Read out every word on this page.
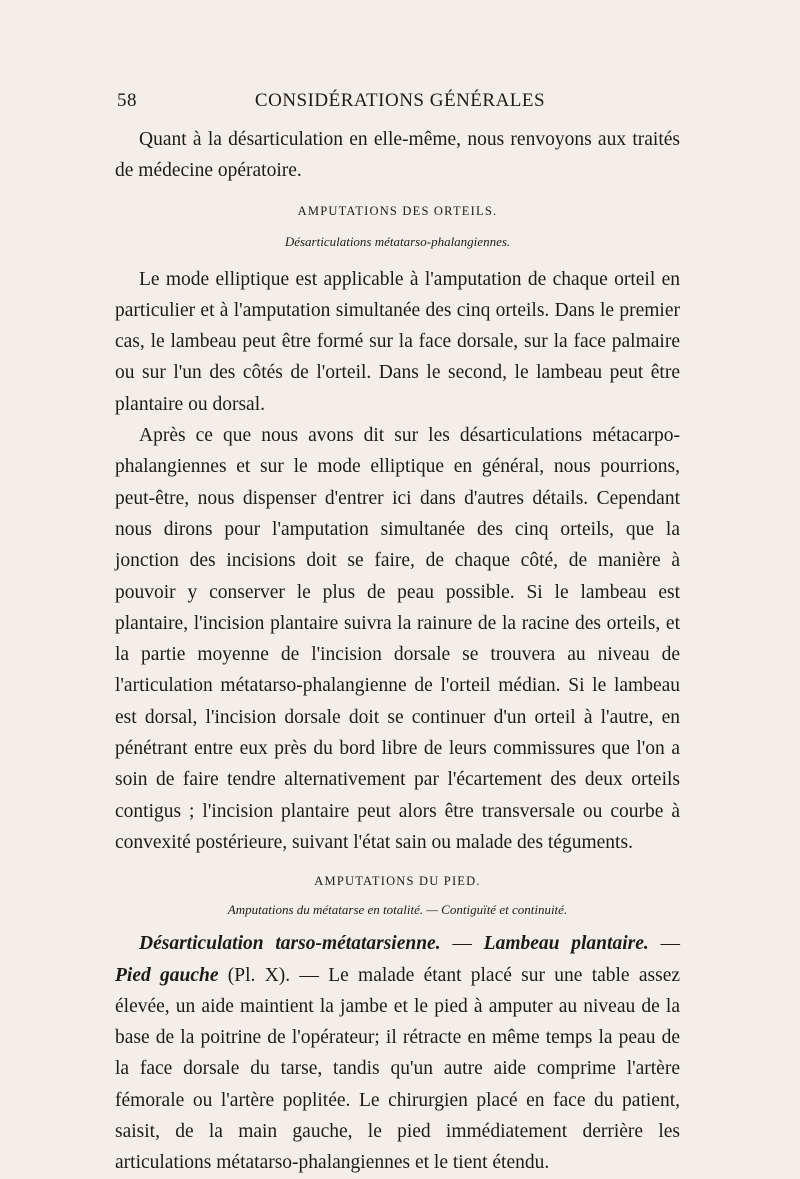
58	CONSIDÉRATIONS GÉNÉRALES

Quant à la désarticulation en elle-même, nous renvoyons aux traités de médecine opératoire.

AMPUTATIONS DES ORTEILS.
Désarticulations métatarso-phalangiennes.

Le mode elliptique est applicable à l'amputation de chaque orteil en particulier et à l'amputation simultanée des cinq orteils. Dans le premier cas, le lambeau peut être formé sur la face dorsale, sur la face palmaire ou sur l'un des côtés de l'orteil. Dans le second, le lambeau peut être plantaire ou dorsal.

Après ce que nous avons dit sur les désarticulations métacarpo-phalangiennes et sur le mode elliptique en général, nous pourrions, peut-être, nous dispenser d'entrer ici dans d'autres détails. Cependant nous dirons pour l'amputation simultanée des cinq orteils, que la jonction des incisions doit se faire, de chaque côté, de manière à pouvoir y conserver le plus de peau possible. Si le lambeau est plantaire, l'incision plantaire suivra la rainure de la racine des orteils, et la partie moyenne de l'incision dorsale se trouvera au niveau de l'articulation métatarso-phalangienne de l'orteil médian. Si le lambeau est dorsal, l'incision dorsale doit se continuer d'un orteil à l'autre, en pénétrant entre eux près du bord libre de leurs commissures que l'on a soin de faire tendre alternativement par l'écartement des deux orteils contigus ; l'incision plantaire peut alors être transversale ou courbe à convexité postérieure, suivant l'état sain ou malade des téguments.

AMPUTATIONS DU PIED.
Amputations du métatarse en totalité. — Contiguïté et continuité.

Désarticulation tarso-métatarsienne. — Lambeau plantaire. — Pied gauche (Pl. X). — Le malade étant placé sur une table assez élevée, un aide maintient la jambe et le pied à amputer au niveau de la base de la poitrine de l'opérateur; il rétracte en même temps la peau de la face dorsale du tarse, tandis qu'un autre aide comprime l'artère fémorale ou l'artère poplitée. Le chirurgien placé en face du patient, saisit, de la main gauche, le pied immédiatement derrière les articulations métatarso-phalangiennes et le tient étendu.
